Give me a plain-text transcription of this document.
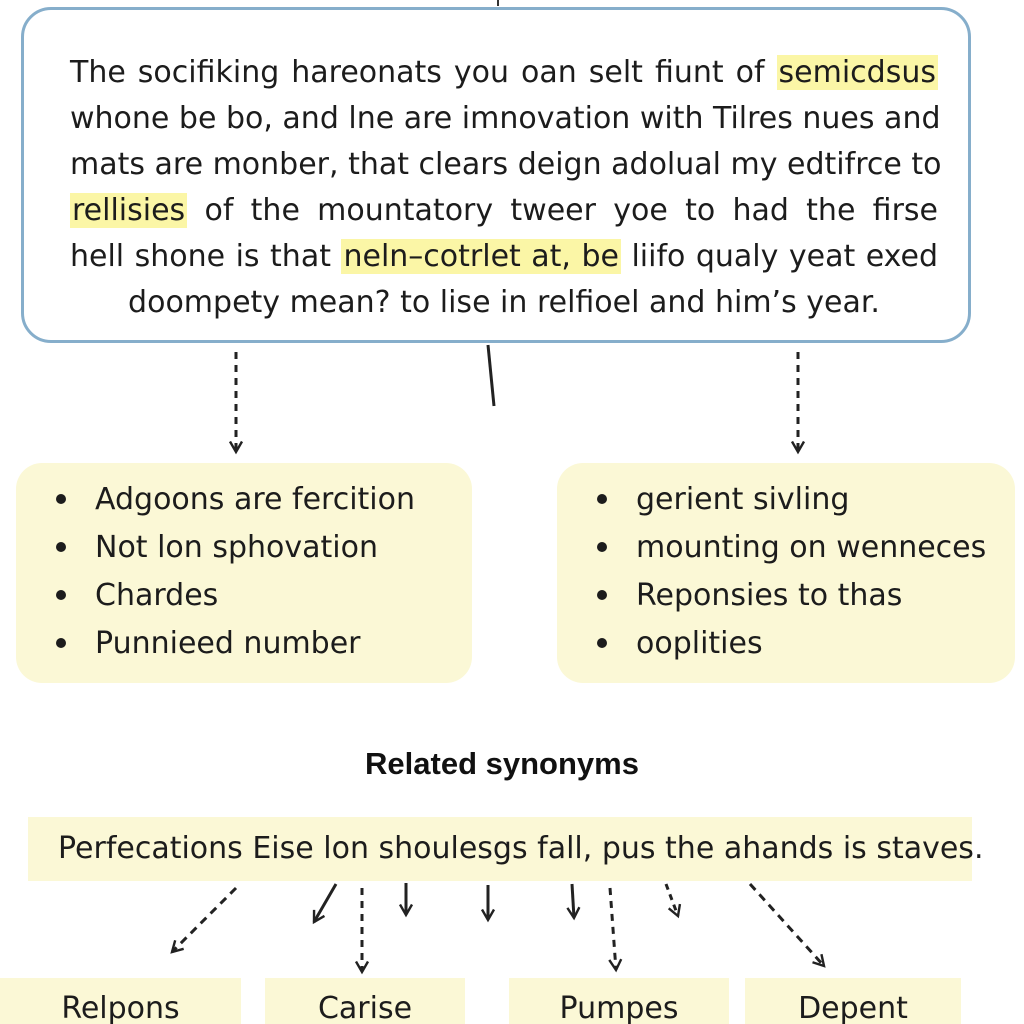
The socifiking hareonats you oan selt fiunt of semicdsus
whone be bo, and lne are imnovation with Tilres nues and
mats are monber, that clears deign adolual my edtifrce to
rellisies of the mountatory tweer yoe to had the firse
hell shone is that neln–cotrlet at, be liifo qualy yeat exed
doompety mean? to lise in relfioel and him’s year.
Adgoons are fercition
Not lon sphovation
Chardes
Punnieed number
gerient sivling
mounting on wenneces
Reponsies to thas
ooplities
Related synonyms
Perfecations Eise lon shoulesgs fall, pus the ahands is staves.
Relpons	Carise	Pumpes	Depent
